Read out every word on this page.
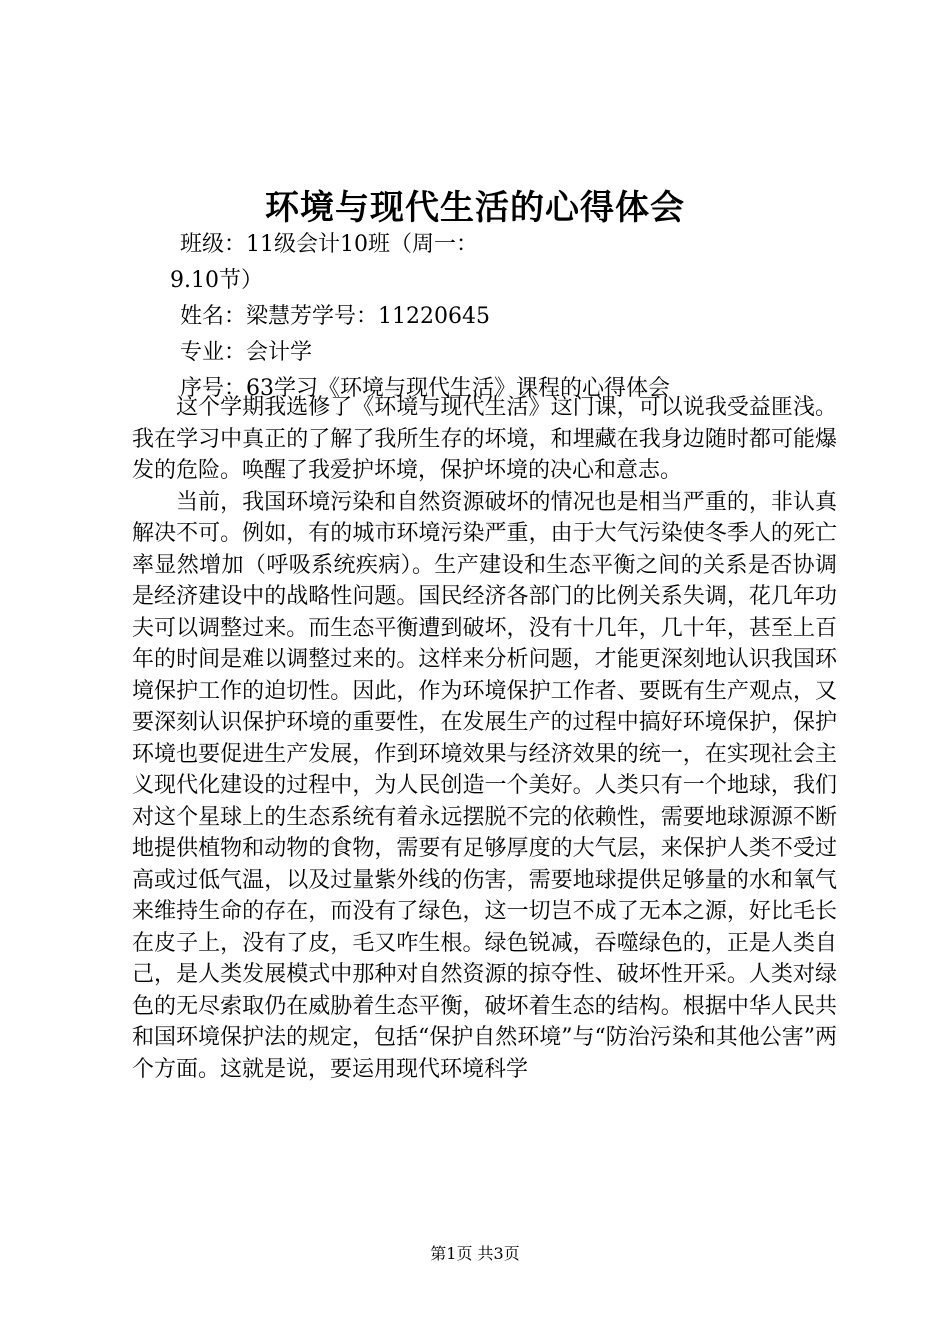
环境与现代生活的心得体会
班级：11级会计10班（周一：
9.10节）
姓名：梁慧芳学号：11220645
专业：会计学
序号：63学习《环境与现代生活》课程的心得体会

这个学期我选修了《环境与现代生活》这门课，可以说我受益匪浅。我在学习中真正的了解了我所生存的坏境，和埋藏在我身边随时都可能爆发的危险。唤醒了我爱护坏境，保护坏境的决心和意志。

当前，我国环境污染和自然资源破坏的情况也是相当严重的，非认真解决不可。例如，有的城市环境污染严重，由于大气污染使冬季人的死亡率显然增加（呼吸系统疾病）。生产建设和生态平衡之间的关系是否协调是经济建设中的战略性问题。国民经济各部门的比例关系失调，花几年功夫可以调整过来。而生态平衡遭到破坏，没有十几年，几十年，甚至上百年的时间是难以调整过来的。这样来分析问题，才能更深刻地认识我国环境保护工作的迫切性。因此，作为环境保护工作者、要既有生产观点，又要深刻认识保护环境的重要性，在发展生产的过程中搞好环境保护，保护环境也要促进生产发展，作到环境效果与经济效果的统一，在实现社会主义现代化建设的过程中，为人民创造一个美好。人类只有一个地球，我们对这个星球上的生态系统有着永远摆脱不完的依赖性，需要地球源源不断地提供植物和动物的食物，需要有足够厚度的大气层，来保护人类不受过高或过低气温，以及过量紫外线的伤害，需要地球提供足够量的水和氧气来维持生命的存在，而没有了绿色，这一切岂不成了无本之源，好比毛长在皮子上，没有了皮，毛又咋生根。绿色锐减，吞噬绿色的，正是人类自己，是人类发展模式中那种对自然资源的掠夺性、破坏性开采。人类对绿色的无尽索取仍在威胁着生态平衡，破坏着生态的结构。根据中华人民共和国环境保护法的规定，包括“保护自然环境”与“防治污染和其他公害”两个方面。这就是说，要运用现代环境科学

第1页 共3页
